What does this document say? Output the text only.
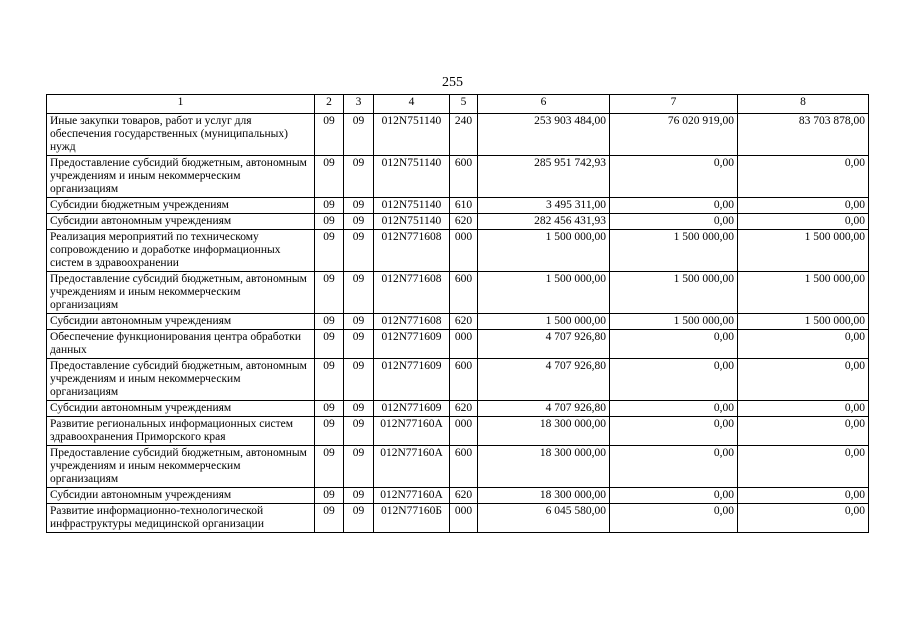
255
1	2	3	4	5	6	7	8
Иные закупки товаров, работ и услуг для обеспечения государственных (муниципальных) нужд	09	09	012N751140	240	253 903 484,00	76 020 919,00	83 703 878,00
Предоставление субсидий бюджетным, автономным учреждениям и иным некоммерческим организациям	09	09	012N751140	600	285 951 742,93	0,00	0,00
Субсидии бюджетным учреждениям	09	09	012N751140	610	3 495 311,00	0,00	0,00
Субсидии автономным учреждениям	09	09	012N751140	620	282 456 431,93	0,00	0,00
Реализация мероприятий по техническому сопровождению и доработке информационных систем в здравоохранении	09	09	012N771608	000	1 500 000,00	1 500 000,00	1 500 000,00
Предоставление субсидий бюджетным, автономным учреждениям и иным некоммерческим организациям	09	09	012N771608	600	1 500 000,00	1 500 000,00	1 500 000,00
Субсидии автономным учреждениям	09	09	012N771608	620	1 500 000,00	1 500 000,00	1 500 000,00
Обеспечение функционирования центра обработки данных	09	09	012N771609	000	4 707 926,80	0,00	0,00
Предоставление субсидий бюджетным, автономным учреждениям и иным некоммерческим организациям	09	09	012N771609	600	4 707 926,80	0,00	0,00
Субсидии автономным учреждениям	09	09	012N771609	620	4 707 926,80	0,00	0,00
Развитие региональных информационных систем здравоохранения Приморского края	09	09	012N77160А	000	18 300 000,00	0,00	0,00
Предоставление субсидий бюджетным, автономным учреждениям и иным некоммерческим организациям	09	09	012N77160А	600	18 300 000,00	0,00	0,00
Субсидии автономным учреждениям	09	09	012N77160А	620	18 300 000,00	0,00	0,00
Развитие информационно-технологической инфраструктуры медицинской организации	09	09	012N77160Б	000	6 045 580,00	0,00	0,00
